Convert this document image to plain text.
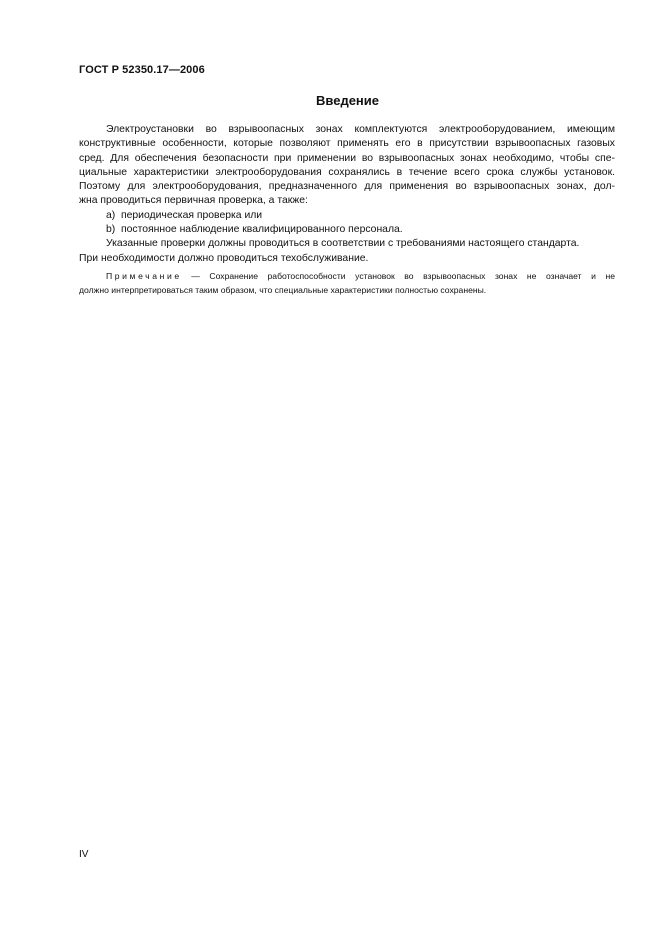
ГОСТ Р 52350.17—2006
Введение
Электроустановки во взрывоопасных зонах комплектуются электрооборудованием, имеющим
конструктивные особенности, которые позволяют применять его в присутствии взрывоопасных газовых
сред. Для обеспечения безопасности при применении во взрывоопасных зонах необходимо, чтобы спе-
циальные характеристики электрооборудования сохранялись в течение всего срока службы установок.
Поэтому для электрооборудования, предназначенного для применения во взрывоопасных зонах, дол-
жна проводиться первичная проверка, а также:
a) периодическая проверка или
b) постоянное наблюдение квалифицированного персонала.
Указанные проверки должны проводиться в соответствии с требованиями настоящего стандарта.
При необходимости должно проводиться техобслуживание.
Примечание — Сохранение работоспособности установок во взрывоопасных зонах не означает и не
должно интерпретироваться таким образом, что специальные характеристики полностью сохранены.
IV
